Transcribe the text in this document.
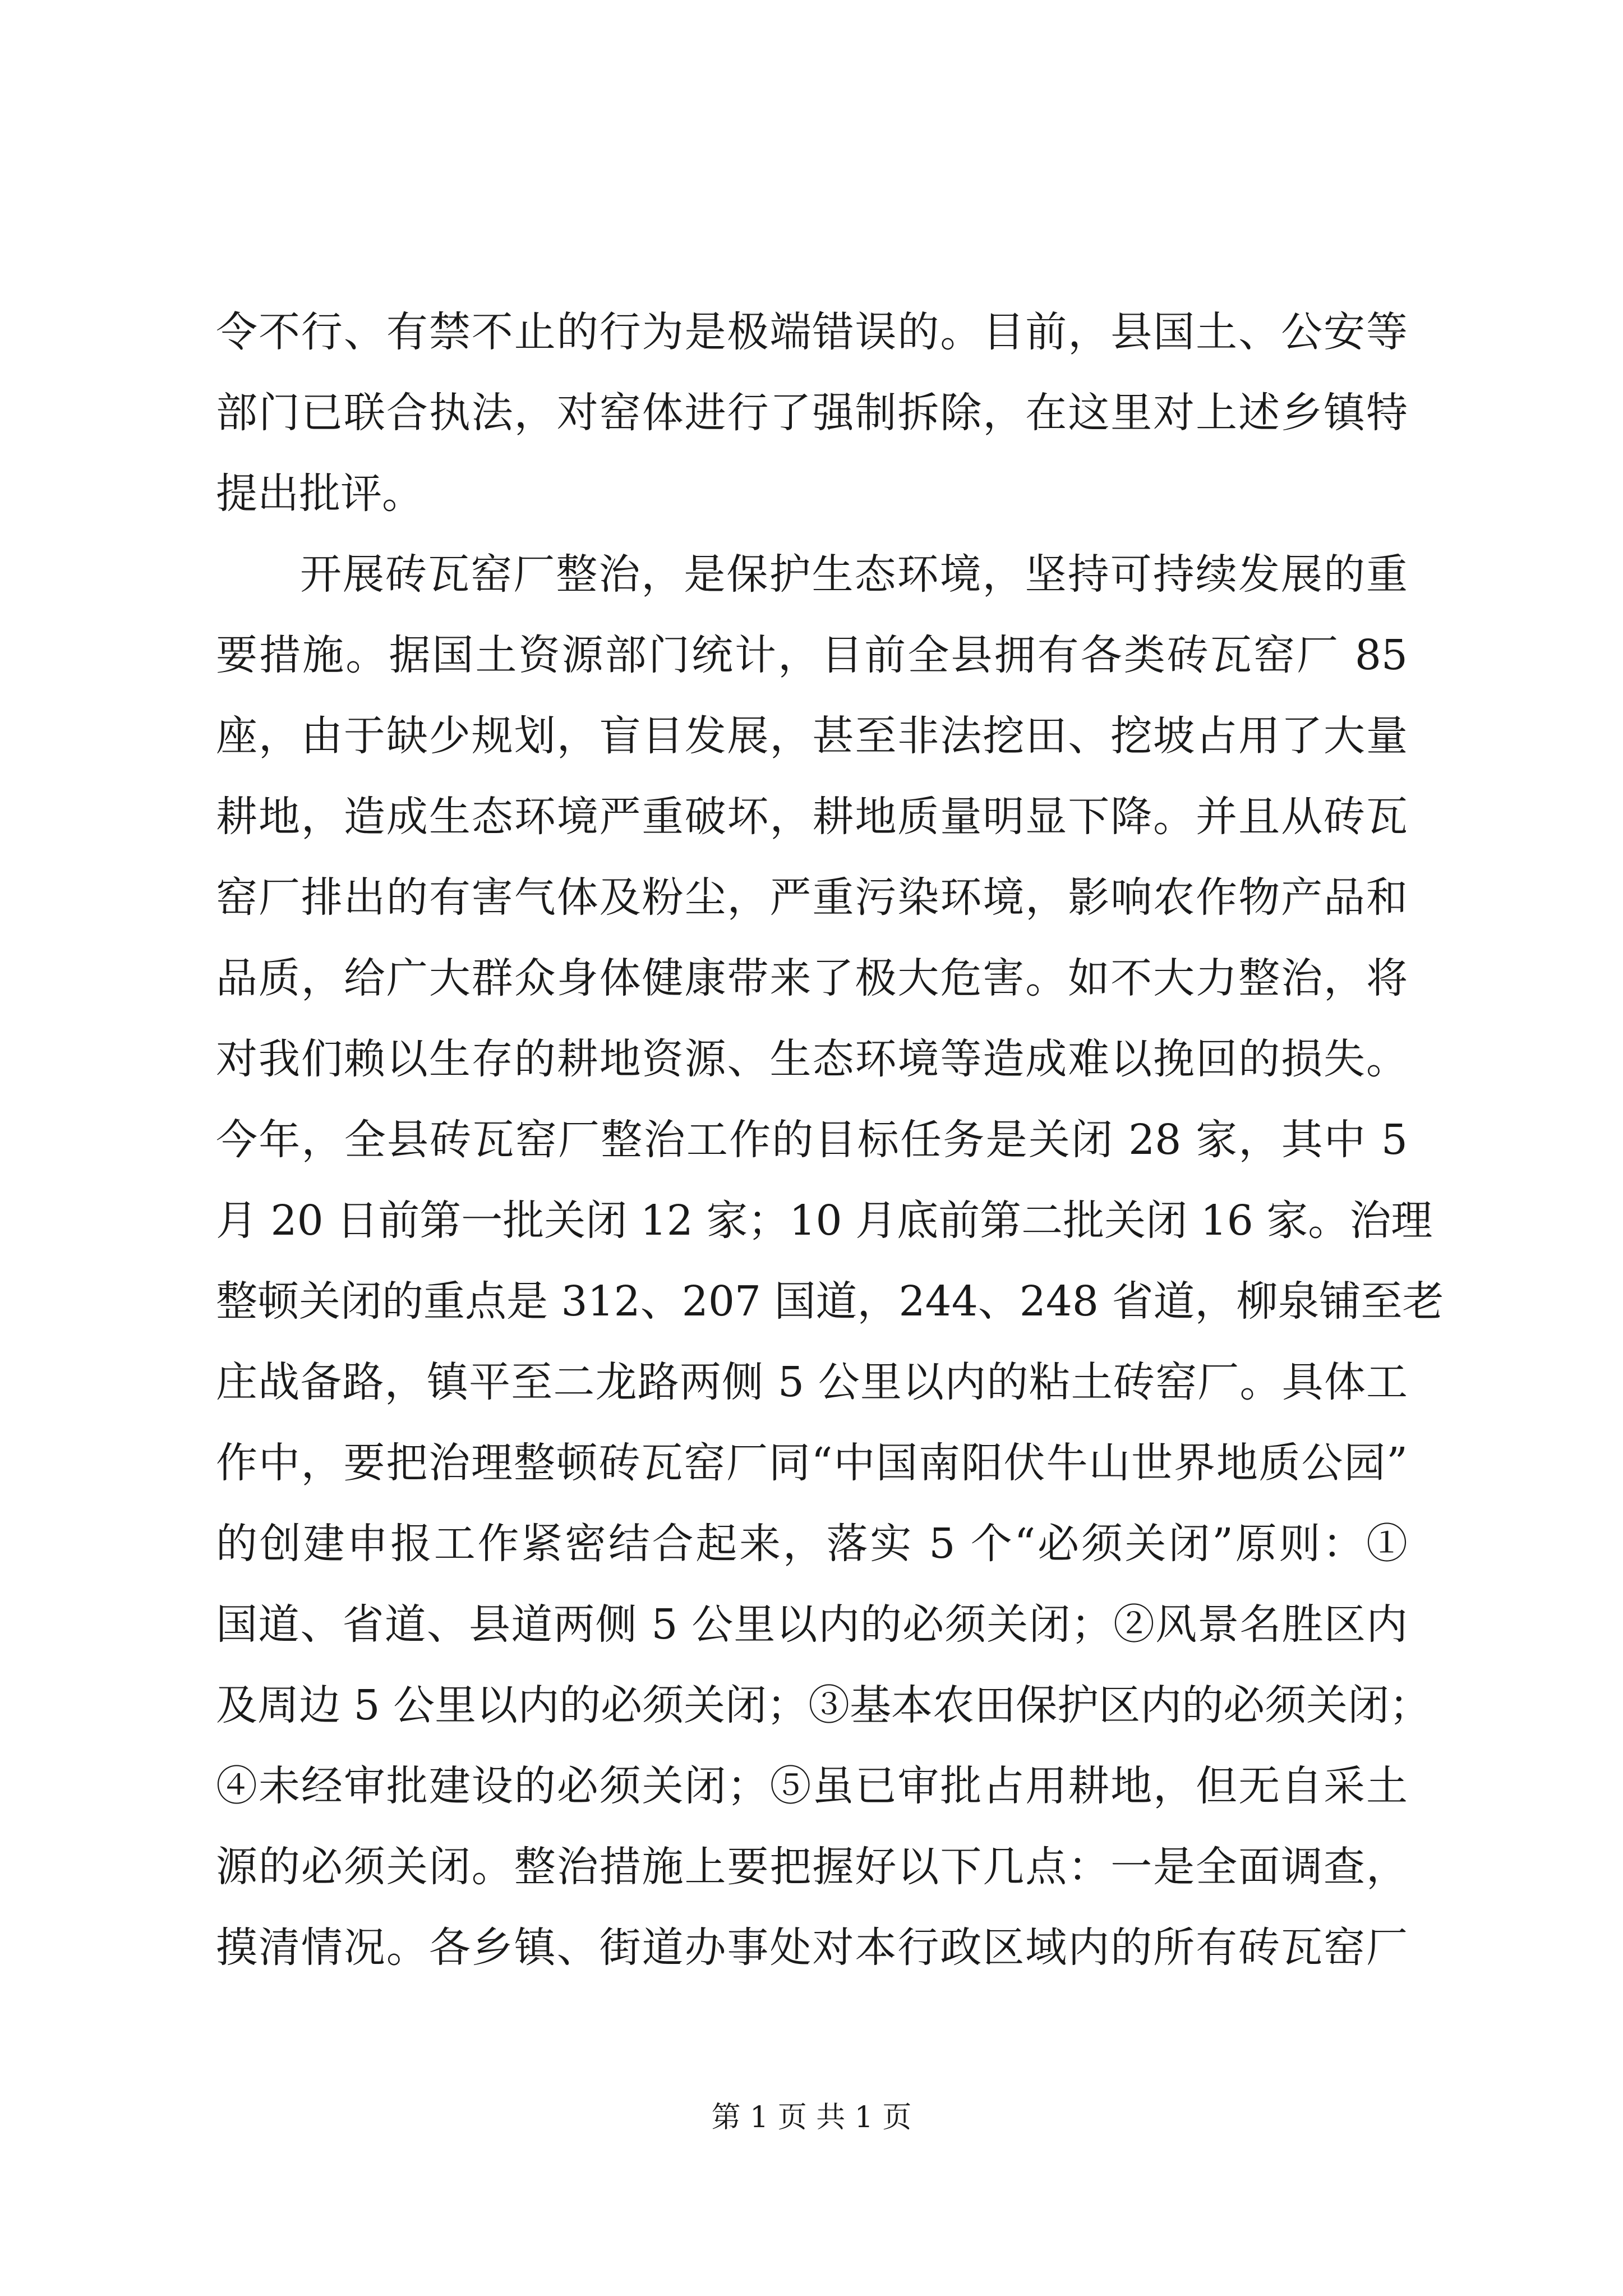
令不行、有禁不止的行为是极端错误的。目前，县国土、公安等
部门已联合执法，对窑体进行了强制拆除，在这里对上述乡镇特
提出批评。
开展砖瓦窑厂整治，是保护生态环境，坚持可持续发展的重
要措施。据国土资源部门统计，目前全县拥有各类砖瓦窑厂 85
座，由于缺少规划，盲目发展，甚至非法挖田、挖坡占用了大量
耕地，造成生态环境严重破坏，耕地质量明显下降。并且从砖瓦
窑厂排出的有害气体及粉尘，严重污染环境，影响农作物产品和
品质，给广大群众身体健康带来了极大危害。如不大力整治，将
对我们赖以生存的耕地资源、生态环境等造成难以挽回的损失。
今年，全县砖瓦窑厂整治工作的目标任务是关闭 28 家，其中 5
月 20 日前第一批关闭 12 家；10 月底前第二批关闭 16 家。治理
整顿关闭的重点是 312、207 国道，244、248 省道，柳泉铺至老
庄战备路，镇平至二龙路两侧 5 公里以内的粘土砖窑厂。具体工
作中，要把治理整顿砖瓦窑厂同“中国南阳伏牛山世界地质公园”
的创建申报工作紧密结合起来，落实 5 个“必须关闭”原则：①
国道、省道、县道两侧 5 公里以内的必须关闭；②风景名胜区内
及周边 5 公里以内的必须关闭；③基本农田保护区内的必须关闭；
④未经审批建设的必须关闭；⑤虽已审批占用耕地，但无自采土
源的必须关闭。整治措施上要把握好以下几点：一是全面调查，
摸清情况。各乡镇、街道办事处对本行政区域内的所有砖瓦窑厂
第 1 页 共 1 页
